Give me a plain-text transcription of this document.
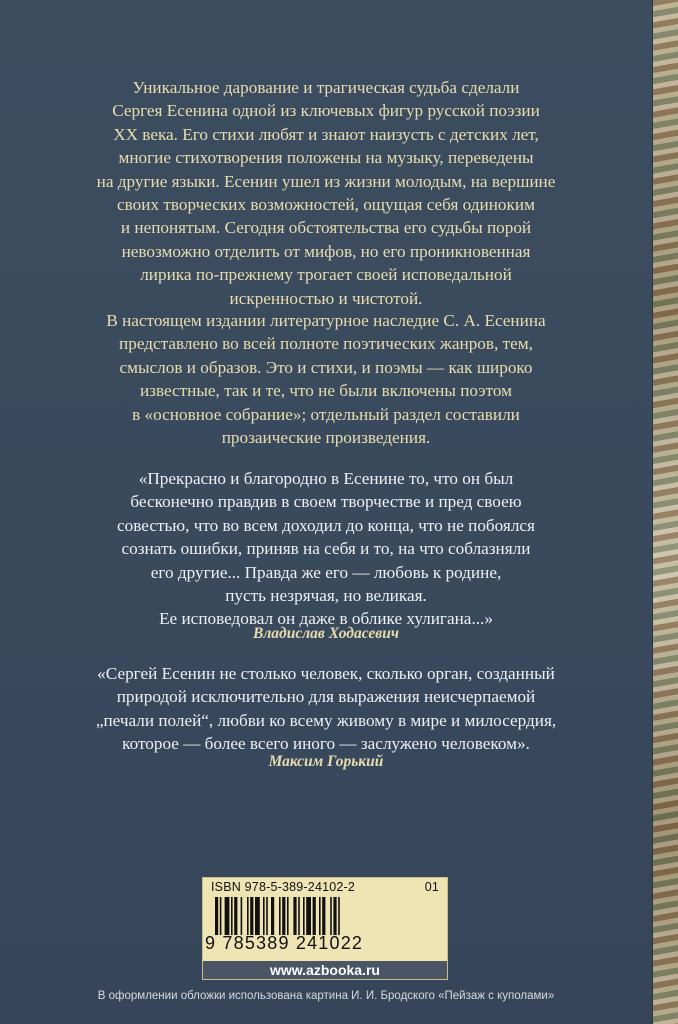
Уникальное дарование и трагическая судьба сделали
Сергея Есенина одной из ключевых фигур русской поэзии
XX века. Его стихи любят и знают наизусть с детских лет,
многие стихотворения положены на музыку, переведены
на другие языки. Есенин ушел из жизни молодым, на вершине
своих творческих возможностей, ощущая себя одиноким
и непонятым. Сегодня обстоятельства его судьбы порой
невозможно отделить от мифов, но его проникновенная
лирика по-прежнему трогает своей исповедальной
искренностью и чистотой.

В настоящем издании литературное наследие С. А. Есенина
представлено во всей полноте поэтических жанров, тем,
смыслов и образов. Это и стихи, и поэмы — как широко
известные, так и те, что не были включены поэтом
в «основное собрание»; отдельный раздел составили
прозаические произведения.

«Прекрасно и благородно в Есенине то, что он был
бесконечно правдив в своем творчестве и пред своею
совестью, что во всем доходил до конца, что не побоялся
сознать ошибки, приняв на себя и то, на что соблазняли
его другие... Правда же его — любовь к родине,
пусть незрячая, но великая.
Ее исповедовал он даже в облике хулигана...»

Владислав Ходасевич

«Сергей Есенин не столько человек, сколько орган, созданный
природой исключительно для выражения неисчерпаемой
„печали полей“, любви ко всему живому в мире и милосердия,
которое — более всего иного — заслужено человеком».

Максим Горький
ISBN 978-5-389-24102-2	01
9 785389 241022
www.azbooka.ru
В оформлении обложки использована картина И. И. Бродского «Пейзаж с куполами»
